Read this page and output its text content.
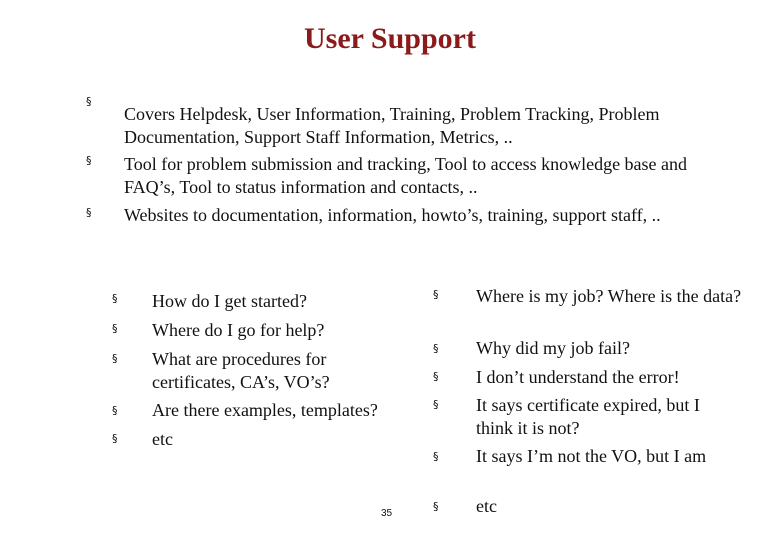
User Support
§
Covers Helpdesk, User Information, Training, Problem Tracking, Problem Documentation, Support Staff Information, Metrics, ..
§ Tool for problem submission and tracking, Tool to access knowledge base and FAQ’s, Tool to status information and contacts, ..
§ Websites to documentation, information, howto’s, training, support staff, ..
§ How do I get started?
§ Where do I go for help?
§ What are procedures for certificates, CA’s, VO’s?
§ Are there examples, templates?
§ etc
§ Where is my job? Where is the data?
§ Why did my job fail?
§ I don’t understand the error!
§ It says certificate expired, but I think it is not?
§ It says I’m not the VO, but I am
§ etc
35
